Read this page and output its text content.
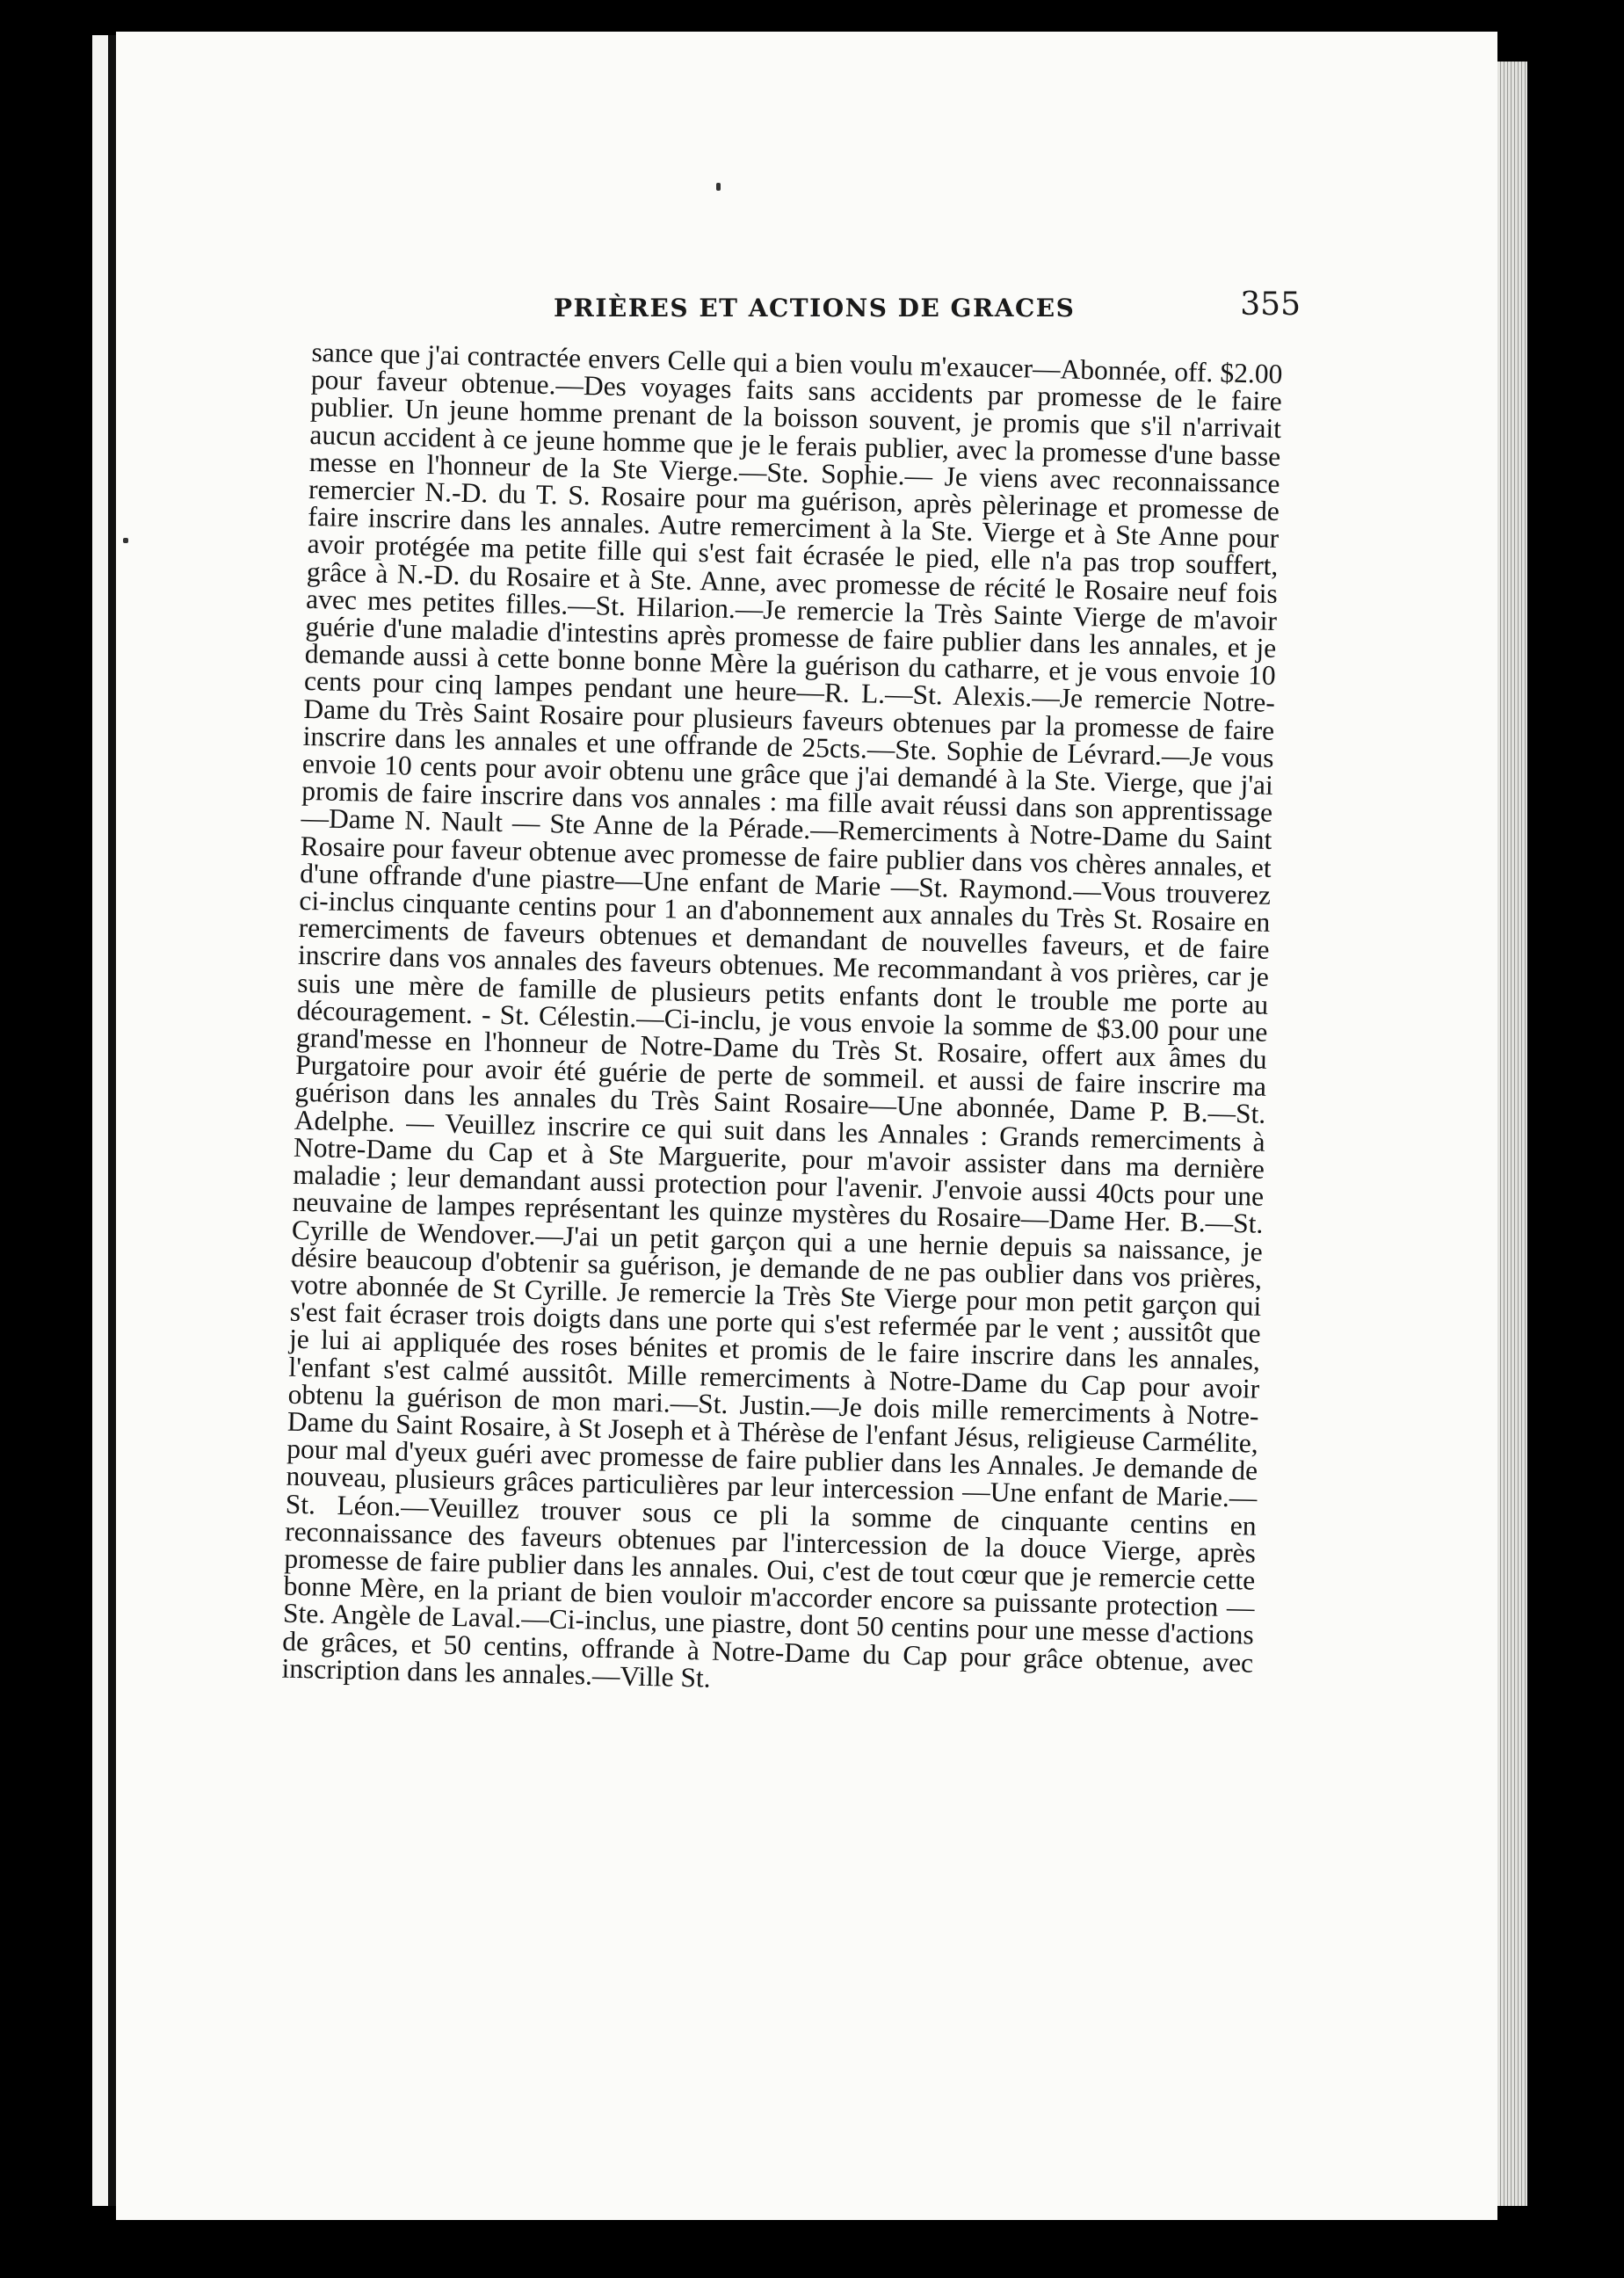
PRIÈRES ET ACTIONS DE GRACES	355

sance que j'ai contractée envers Celle qui a bien voulu m'exaucer—Abonnée, off. $2.00 pour faveur obtenue.—Des voyages faits sans accidents par promesse de le faire publier. Un jeune homme prenant de la boisson souvent, je promis que s'il n'arrivait aucun accident à ce jeune homme que je le ferais publier, avec la promesse d'une basse messe en l'honneur de la Ste Vierge.—Ste. Sophie.— Je viens avec reconnaissance remercier N.-D. du T. S. Rosaire pour ma guérison, après pèlerinage et promesse de faire inscrire dans les annales. Autre remerciment à la Ste. Vierge et à Ste Anne pour avoir protégée ma petite fille qui s'est fait écrasée le pied, elle n'a pas trop souffert, grâce à N.-D. du Rosaire et à Ste. Anne, avec promesse de récité le Rosaire neuf fois avec mes petites filles.—St. Hilarion.—Je remercie la Très Sainte Vierge de m'avoir guérie d'une maladie d'intestins après promesse de faire publier dans les annales, et je demande aussi à cette bonne bonne Mère la guérison du catharre, et je vous envoie 10 cents pour cinq lampes pendant une heure—R. L.—St. Alexis.—Je remercie Notre-Dame du Très Saint Rosaire pour plusieurs faveurs obtenues par la promesse de faire inscrire dans les annales et une offrande de 25cts.—Ste. Sophie de Lévrard.—Je vous envoie 10 cents pour avoir obtenu une grâce que j'ai demandé à la Ste. Vierge, que j'ai promis de faire inscrire dans vos annales : ma fille avait réussi dans son apprentissage—Dame N. Nault — Ste Anne de la Pérade.—Remerciments à Notre-Dame du Saint Rosaire pour faveur obtenue avec promesse de faire publier dans vos chères annales, et d'une offrande d'une piastre—Une enfant de Marie —St. Raymond.—Vous trouverez ci-inclus cinquante centins pour 1 an d'abonnement aux annales du Très St. Rosaire en remerciments de faveurs obtenues et demandant de nouvelles faveurs, et de faire inscrire dans vos annales des faveurs obtenues. Me recommandant à vos prières, car je suis une mère de famille de plusieurs petits enfants dont le trouble me porte au découragement. - St. Célestin.—Ci-inclu, je vous envoie la somme de $3.00 pour une grand'messe en l'honneur de Notre-Dame du Très St. Rosaire, offert aux âmes du Purgatoire pour avoir été guérie de perte de sommeil. et aussi de faire inscrire ma guérison dans les annales du Très Saint Rosaire—Une abonnée, Dame P. B.—St. Adelphe. — Veuillez inscrire ce qui suit dans les Annales : Grands remerciments à Notre-Dame du Cap et à Ste Marguerite, pour m'avoir assister dans ma dernière maladie ; leur demandant aussi protection pour l'avenir. J'envoie aussi 40cts pour une neuvaine de lampes représentant les quinze mystères du Rosaire—Dame Her. B.—St. Cyrille de Wendover.—J'ai un petit garçon qui a une hernie depuis sa naissance, je désire beaucoup d'obtenir sa guérison, je demande de ne pas oublier dans vos prières, votre abonnée de St Cyrille. Je remercie la Très Ste Vierge pour mon petit garçon qui s'est fait écraser trois doigts dans une porte qui s'est refermée par le vent ; aussitôt que je lui ai appliquée des roses bénites et promis de le faire inscrire dans les annales, l'enfant s'est calmé aussitôt. Mille remerciments à Notre-Dame du Cap pour avoir obtenu la guérison de mon mari.—St. Justin.—Je dois mille remerciments à Notre-Dame du Saint Rosaire, à St Joseph et à Thérèse de l'enfant Jésus, religieuse Carmélite, pour mal d'yeux guéri avec promesse de faire publier dans les Annales. Je demande de nouveau, plusieurs grâces particulières par leur intercession —Une enfant de Marie.—St. Léon.—Veuillez trouver sous ce pli la somme de cinquante centins en reconnaissance des faveurs obtenues par l'intercession de la douce Vierge, après promesse de faire publier dans les annales. Oui, c'est de tout cœur que je remercie cette bonne Mère, en la priant de bien vouloir m'accorder encore sa puissante protection —Ste. Angèle de Laval.—Ci-inclus, une piastre, dont 50 centins pour une messe d'actions de grâces, et 50 centins, offrande à Notre-Dame du Cap pour grâce obtenue, avec inscription dans les annales.—Ville St.
